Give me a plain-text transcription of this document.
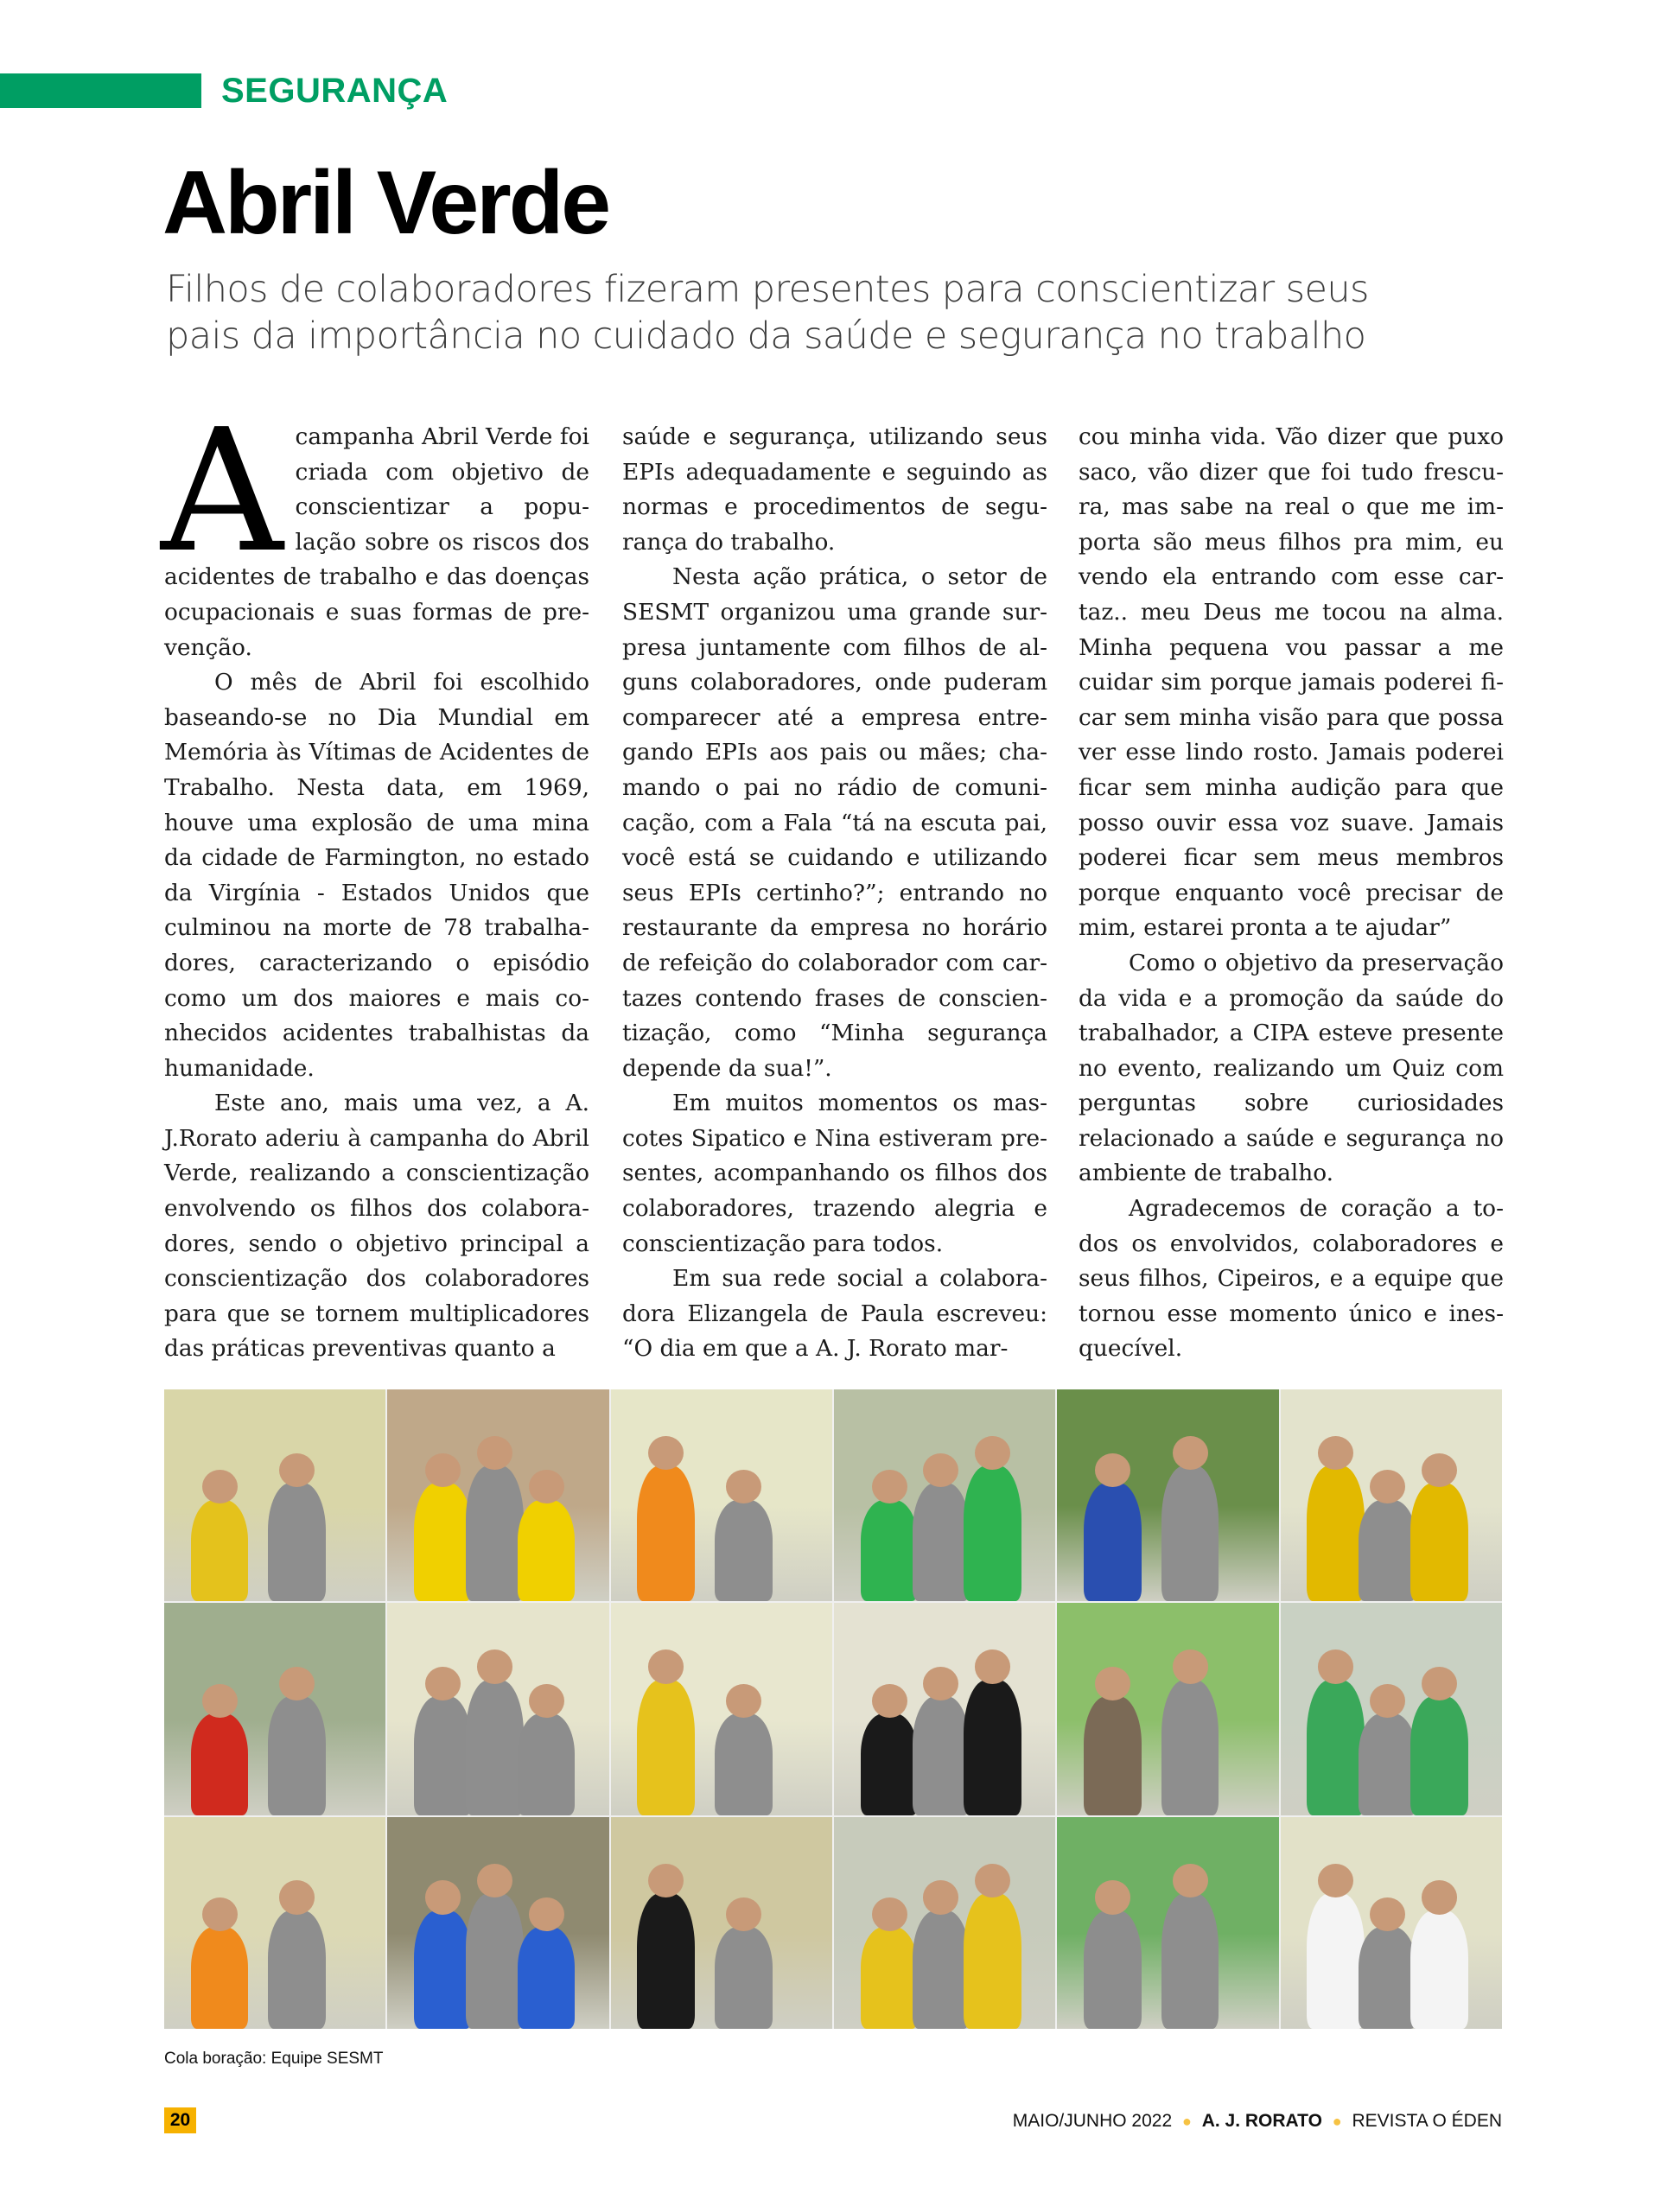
SEGURANÇA
Abril Verde
Filhos de colaboradores fizeram presentes para conscientizar seus
pais da importância no cuidado da saúde e segurança no trabalho
A campanha Abril Verde foi criada com objetivo de conscientizar a população sobre os riscos dos acidentes de trabalho e das doenças ocupacionais e suas formas de prevenção.

O mês de Abril foi escolhido baseando-se no Dia Mundial em Memória às Vítimas de Acidentes de Trabalho. Nesta data, em 1969, houve uma explosão de uma mina da cidade de Farmington, no estado da Virgínia - Estados Unidos que culminou na morte de 78 trabalhadores, caracterizando o episódio como um dos maiores e mais conhecidos acidentes trabalhistas da humanidade.

Este ano, mais uma vez, a A. J.Rorato aderiu à campanha do Abril Verde, realizando a conscientização envolvendo os filhos dos colaboradores, sendo o objetivo principal a conscientização dos colaboradores para que se tornem multiplicadores das práticas preventivas quanto a

saúde e segurança, utilizando seus EPIs adequadamente e seguindo as normas e procedimentos de segurança do trabalho.

Nesta ação prática, o setor de SESMT organizou uma grande surpresa juntamente com filhos de alguns colaboradores, onde puderam comparecer até a empresa entregando EPIs aos pais ou mães; chamando o pai no rádio de comunicação, com a Fala “tá na escuta pai, você está se cuidando e utilizando seus EPIs certinho?”; entrando no restaurante da empresa no horário de refeição do colaborador com cartazes contendo frases de conscientização, como “Minha segurança depende da sua!”.

Em muitos momentos os mascotes Sipatico e Nina estiveram presentes, acompanhando os filhos dos colaboradores, trazendo alegria e conscientização para todos.

Em sua rede social a colaboradora Elizangela de Paula escreveu: “O dia em que a A. J. Rorato mar-

cou minha vida. Vão dizer que puxo saco, vão dizer que foi tudo frescura, mas sabe na real o que me importa são meus filhos pra mim, eu vendo ela entrando com esse cartaz.. meu Deus me tocou na alma. Minha pequena vou passar a me cuidar sim porque jamais poderei ficar sem minha visão para que possa ver esse lindo rosto. Jamais poderei ficar sem minha audição para que posso ouvir essa voz suave. Jamais poderei ficar sem meus membros porque enquanto você precisar de mim, estarei pronta a te ajudar”

Como o objetivo da preservação da vida e a promoção da saúde do trabalhador, a CIPA esteve presente no evento, realizando um Quiz com perguntas sobre curiosidades relacionado a saúde e segurança no ambiente de trabalho.

Agradecemos de coração a todos os envolvidos, colaboradores e seus filhos, Cipeiros, e a equipe que tornou esse momento único e inesquecível.

Cola boração: Equipe SESMT
20	MAIO/JUNHO 2022 ● A. J. RORATO ● REVISTA O ÉDEN
